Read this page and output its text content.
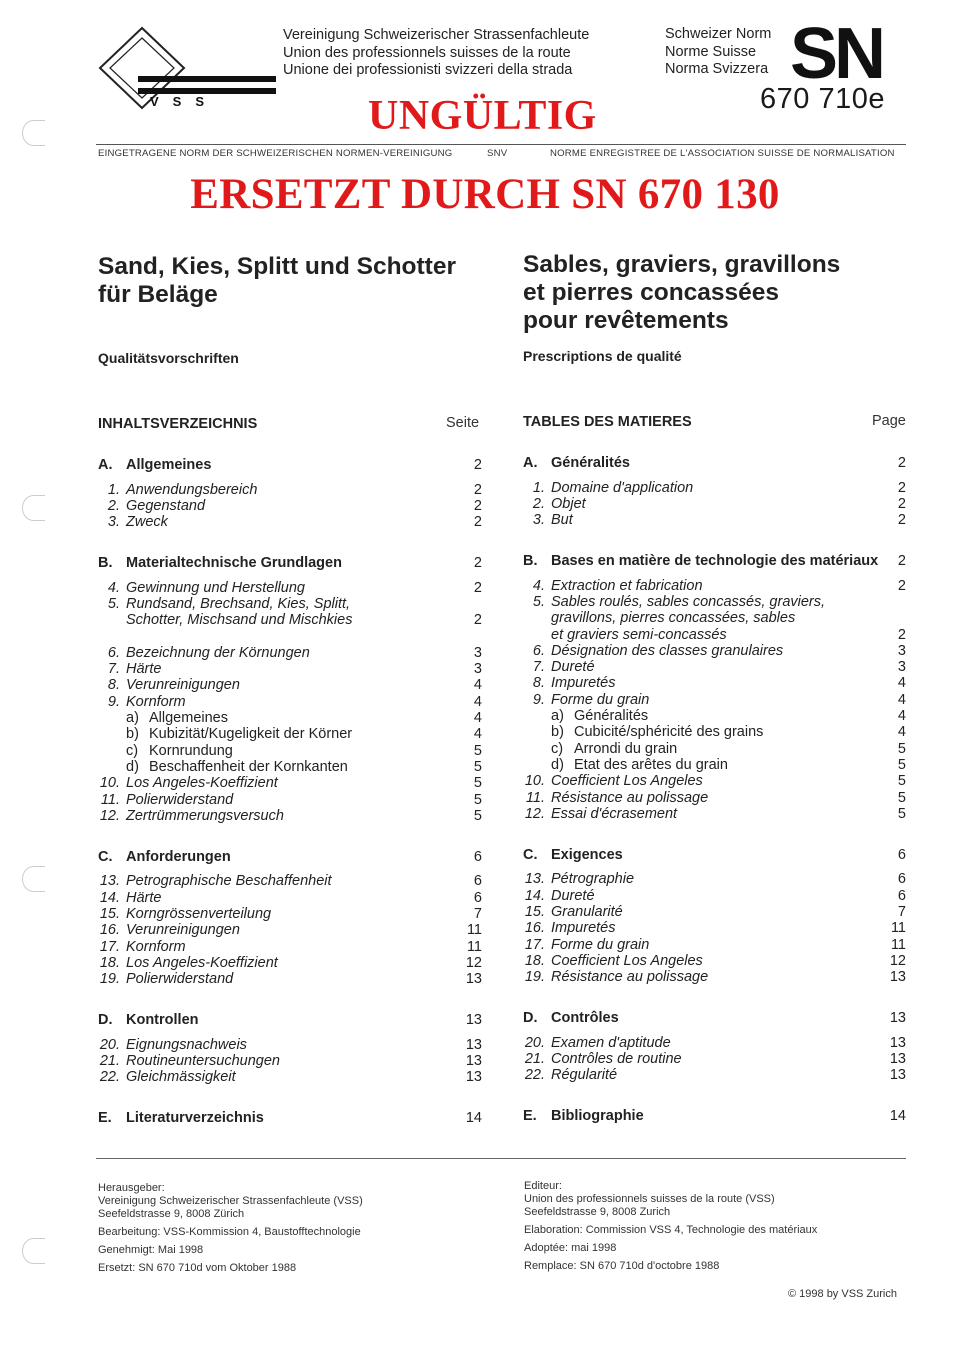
VSS
Vereinigung Schweizerischer Strassenfachleute
Union des professionnels suisses de la route
Unione dei professionisti svizzeri della strada
Schweizer Norm
Norme Suisse
Norma Svizzera SN
670 710e
UNGÜLTIG
EINGETRAGENE NORM DER SCHWEIZERISCHEN NORMEN-VEREINIGUNG	SNV	NORME ENREGISTREE DE L'ASSOCIATION SUISSE DE NORMALISATION
ERSETZT DURCH SN 670 130
Sand, Kies, Splitt und Schotter
für Beläge
Sables, graviers, gravillons
et pierres concassées
pour revêtements
Qualitätsvorschriften	Prescriptions de qualité
INHALTSVERZEICHNIS	Seite	TABLES DES MATIERES	Page
A. Allgemeines	2
1. Anwendungsbereich	2
2. Gegenstand	2
3. Zweck	2
B. Materialtechnische Grundlagen	2
4. Gewinnung und Herstellung	2
5. Rundsand, Brechsand, Kies, Splitt,
Schotter, Mischsand und Mischkies	2
6. Bezeichnung der Körnungen	3
7. Härte	3
8. Verunreinigungen	4
9. Kornform	4
a) Allgemeines	4
b) Kubizität/Kugeligkeit der Körner	4
c) Kornrundung	5
d) Beschaffenheit der Kornkanten	5
10. Los Angeles-Koeffizient	5
11. Polierwiderstand	5
12. Zertrümmerungsversuch	5
C. Anforderungen	6
13. Petrographische Beschaffenheit	6
14. Härte	6
15. Korngrössenverteilung	7
16. Verunreinigungen	11
17. Kornform	11
18. Los Angeles-Koeffizient	12
19. Polierwiderstand	13
D. Kontrollen	13
20. Eignungsnachweis	13
21. Routineuntersuchungen	13
22. Gleichmässigkeit	13
E. Literaturverzeichnis	14
A. Généralités	2
1. Domaine d'application	2
2. Objet	2
3. But	2
B. Bases en matière de technologie des matériaux	2
4. Extraction et fabrication	2
5. Sables roulés, sables concassés, graviers,
gravillons, pierres concassées, sables
et graviers semi-concassés	2
6. Désignation des classes granulaires	3
7. Dureté	3
8. Impuretés	4
9. Forme du grain	4
a) Généralités	4
b) Cubicité/sphéricité des grains	4
c) Arrondi du grain	5
d) Etat des arêtes du grain	5
10. Coefficient Los Angeles	5
11. Résistance au polissage	5
12. Essai d'écrasement	5
C. Exigences	6
13. Pétrographie	6
14. Dureté	6
15. Granularité	7
16. Impuretés	11
17. Forme du grain	11
18. Coefficient Los Angeles	12
19. Résistance au polissage	13
D. Contrôles	13
20. Examen d'aptitude	13
21. Contrôles de routine	13
22. Régularité	13
E. Bibliographie	14
Herausgeber:
Vereinigung Schweizerischer Strassenfachleute (VSS)
Seefeldstrasse 9, 8008 Zürich
Bearbeitung: VSS-Kommission 4, Baustofftechnologie
Genehmigt: Mai 1998
Ersetzt: SN 670 710d vom Oktober 1988
Editeur:
Union des professionnels suisses de la route (VSS)
Seefeldstrasse 9, 8008 Zurich
Elaboration: Commission VSS 4, Technologie des matériaux
Adoptée: mai 1998
Remplace: SN 670 710d d'octobre 1988
© 1998 by VSS Zurich
